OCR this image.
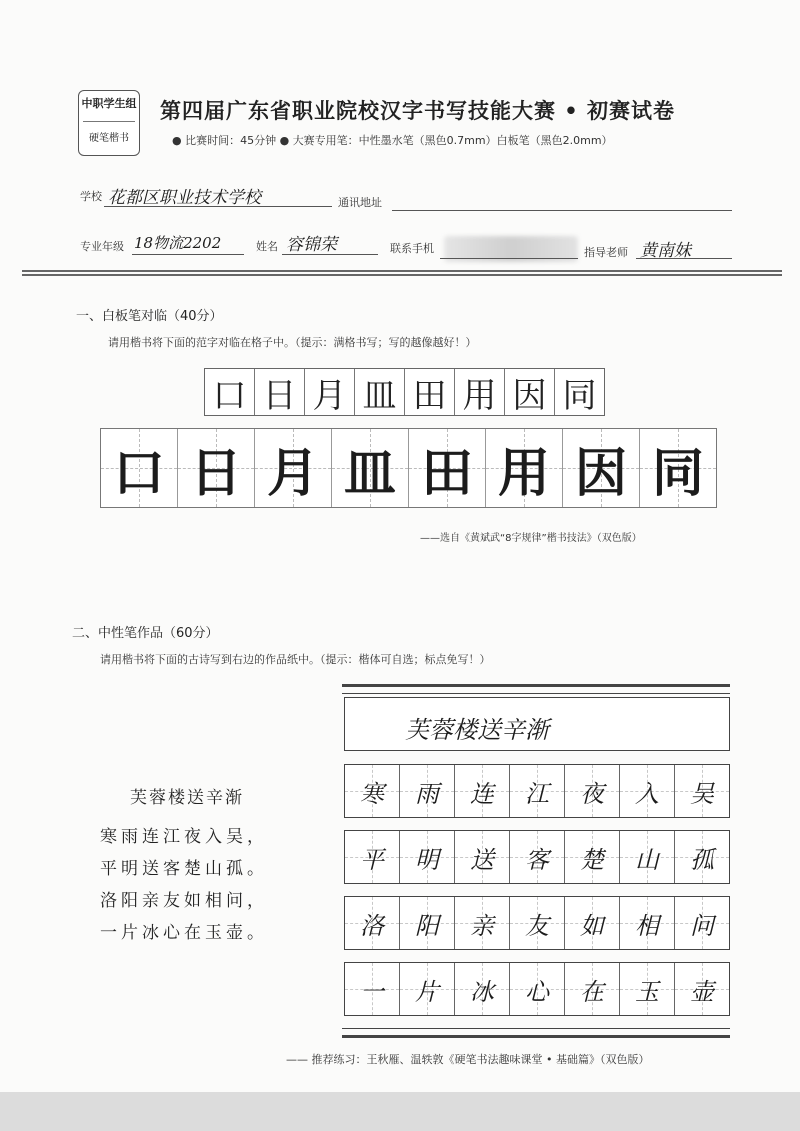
中职学生组
硬笔楷书
第四届广东省职业院校汉字书写技能大赛 • 初赛试卷
● 比赛时间：45分钟 ● 大赛专用笔：中性墨水笔（黑色0.7mm）白板笔（黑色2.0mm）
学校 花都区职业技术学校	通讯地址
专业年级 18物流2202	姓名 容锦荣	联系手机	指导老师 黄南妹
一、白板笔对临（40分）
请用楷书将下面的范字对临在格子中。（提示：满格书写；写的越像越好！）
口 日 月 皿 田 用 因 同
口 日 月 皿 田 用 因 同
——选自《黄斌武“8字规律”楷书技法》（双色版）
二、中性笔作品（60分）
请用楷书将下面的古诗写到右边的作品纸中。（提示：楷体可自选；标点免写！）
芙蓉楼送辛渐
寒雨连江夜入吴，
平明送客楚山孤。
洛阳亲友如相问，
一片冰心在玉壶。
芙蓉楼送辛渐
寒 雨 连 江 夜 入 吴
平 明 送 客 楚 山 孤
洛 阳 亲 友 如 相 问
一 片 冰 心 在 玉 壶
—— 推荐练习：王秋雁、温轶敦《硬笔书法趣味课堂 • 基础篇》（双色版）
